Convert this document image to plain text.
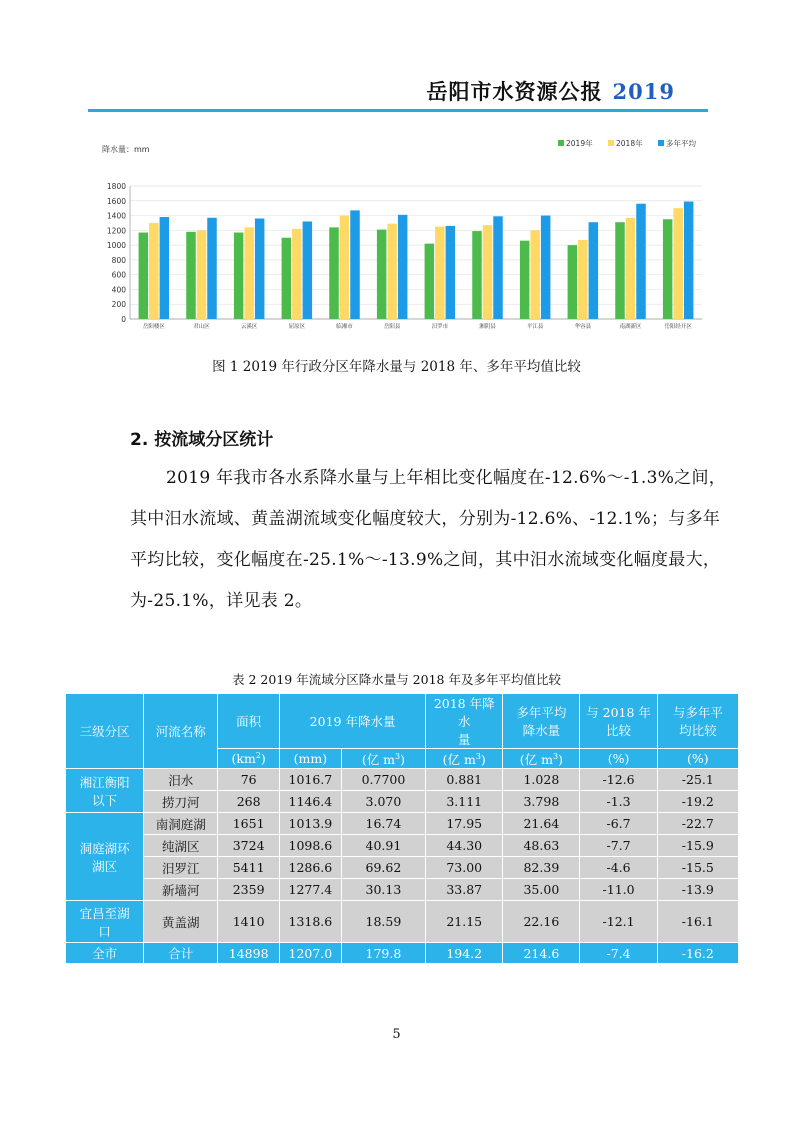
岳阳市水资源公报 2019
降水量：mm
0
200
400
600
800
1000
1200
1400
1600
1800
岳阳楼区	君山区	云溪区	屈原区	临湘市	岳阳县	汨罗市	湘阴县	平江县	华容县	南湖新区	岳阳经开区
2019年	2018年	多年平均
图 1 2019 年行政分区年降水量与 2018 年、多年平均值比较
2. 按流域分区统计

2019 年我市各水系降水量与上年相比变化幅度在-12.6%～-1.3%之间，

其中汨水流域、黄盖湖流域变化幅度较大，分别为-12.6%、-12.1%；与多年

平均比较，变化幅度在-25.1%～-13.9%之间，其中汨水流域变化幅度最大，

为-25.1%，详见表 2。

表 2 2019 年流域分区降水量与 2018 年及多年平均值比较
三级分区	河流名称	面积	2019 年降水量		2018 年降水
量	多年平均
降水量	与 2018 年
比较	与多年平
均比较
		$(km^2)$	(mm)	(亿 $m^3$)	(亿 $m^3$)	(亿 $m^3$)	(%)	(%)
湘江衡阳
以下	汨水	76	1016.7	0.7700	0.881	1.028	-12.6	-25.1
	捞刀河	268	1146.4	3.070	3.111	3.798	-1.3	-19.2
洞庭湖环
湖区	南洞庭湖	1651	1013.9	16.74	17.95	21.64	-6.7	-22.7
	纯湖区	3724	1098.6	40.91	44.30	48.63	-7.7	-15.9
	汨罗江	5411	1286.6	69.62	73.00	82.39	-4.6	-15.5
	新墙河	2359	1277.4	30.13	33.87	35.00	-11.0	-13.9
宜昌至湖
口	黄盖湖	1410	1318.6	18.59	21.15	22.16	-12.1	-16.1
全市	合计	14898	1207.0	179.8	194.2	214.6	-7.4	-16.2
5
